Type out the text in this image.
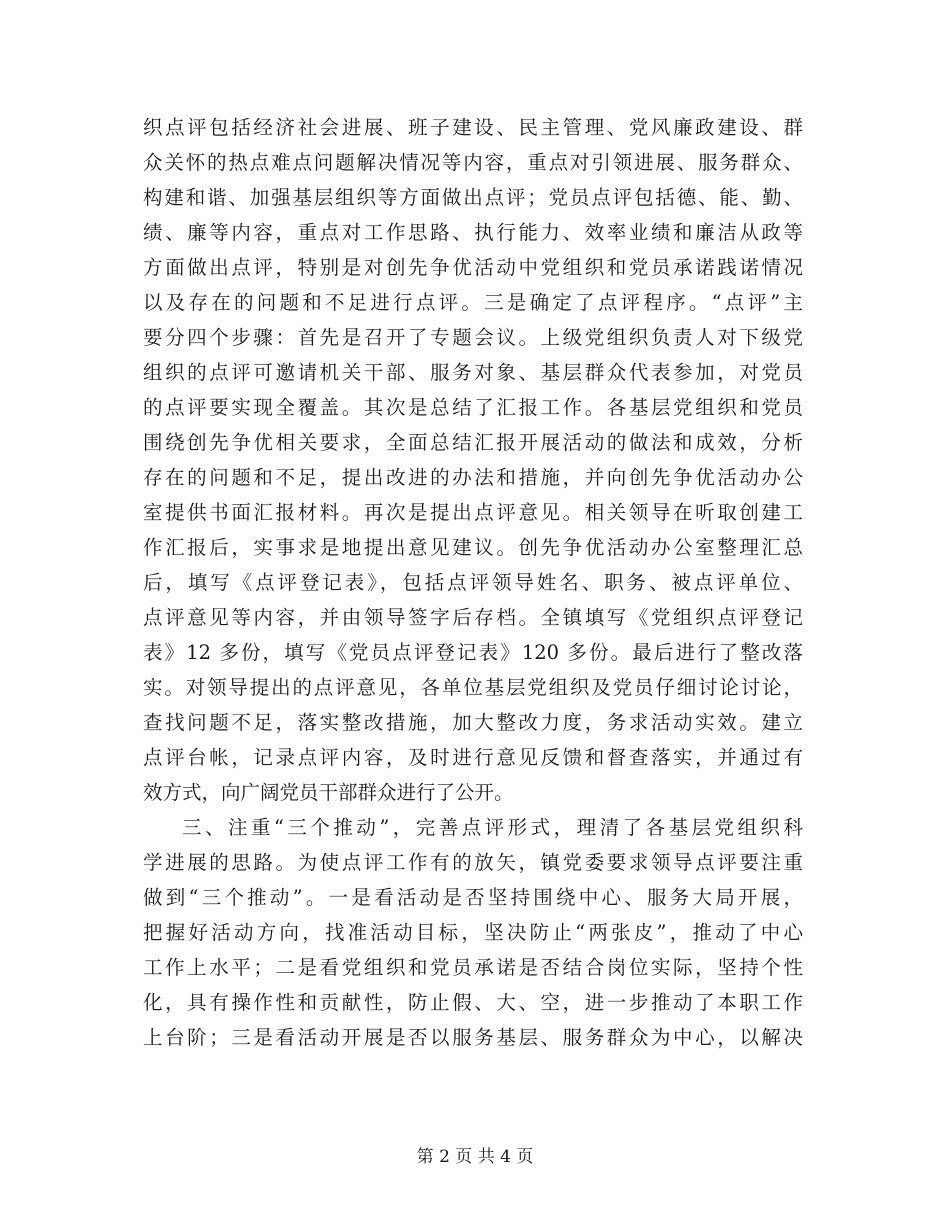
织点评包括经济社会进展、班子建设、民主管理、党风廉政建设、群
众关怀的热点难点问题解决情况等内容，重点对引领进展、服务群众、
构建和谐、加强基层组织等方面做出点评；党员点评包括德、能、勤、
绩、廉等内容，重点对工作思路、执行能力、效率业绩和廉洁从政等
方面做出点评，特别是对创先争优活动中党组织和党员承诺践诺情况
以及存在的问题和不足进行点评。三是确定了点评程序。“点评”主
要分四个步骤：首先是召开了专题会议。上级党组织负责人对下级党
组织的点评可邀请机关干部、服务对象、基层群众代表参加，对党员
的点评要实现全覆盖。其次是总结了汇报工作。各基层党组织和党员
围绕创先争优相关要求，全面总结汇报开展活动的做法和成效，分析
存在的问题和不足，提出改进的办法和措施，并向创先争优活动办公
室提供书面汇报材料。再次是提出点评意见。相关领导在听取创建工
作汇报后，实事求是地提出意见建议。创先争优活动办公室整理汇总
后，填写《点评登记表》，包括点评领导姓名、职务、被点评单位、
点评意见等内容，并由领导签字后存档。全镇填写《党组织点评登记
表》12 多份，填写《党员点评登记表》120 多份。最后进行了整改落
实。对领导提出的点评意见，各单位基层党组织及党员仔细讨论讨论，
查找问题不足，落实整改措施，加大整改力度，务求活动实效。建立
点评台帐，记录点评内容，及时进行意见反馈和督查落实，并通过有
效方式，向广阔党员干部群众进行了公开。
三、注重“三个推动”，完善点评形式，理清了各基层党组织科
学进展的思路。为使点评工作有的放矢，镇党委要求领导点评要注重
做到“三个推动”。一是看活动是否坚持围绕中心、服务大局开展，
把握好活动方向，找准活动目标，坚决防止“两张皮”，推动了中心
工作上水平；二是看党组织和党员承诺是否结合岗位实际，坚持个性
化，具有操作性和贡献性，防止假、大、空，进一步推动了本职工作
上台阶；三是看活动开展是否以服务基层、服务群众为中心，以解决
第 2 页 共 4 页
